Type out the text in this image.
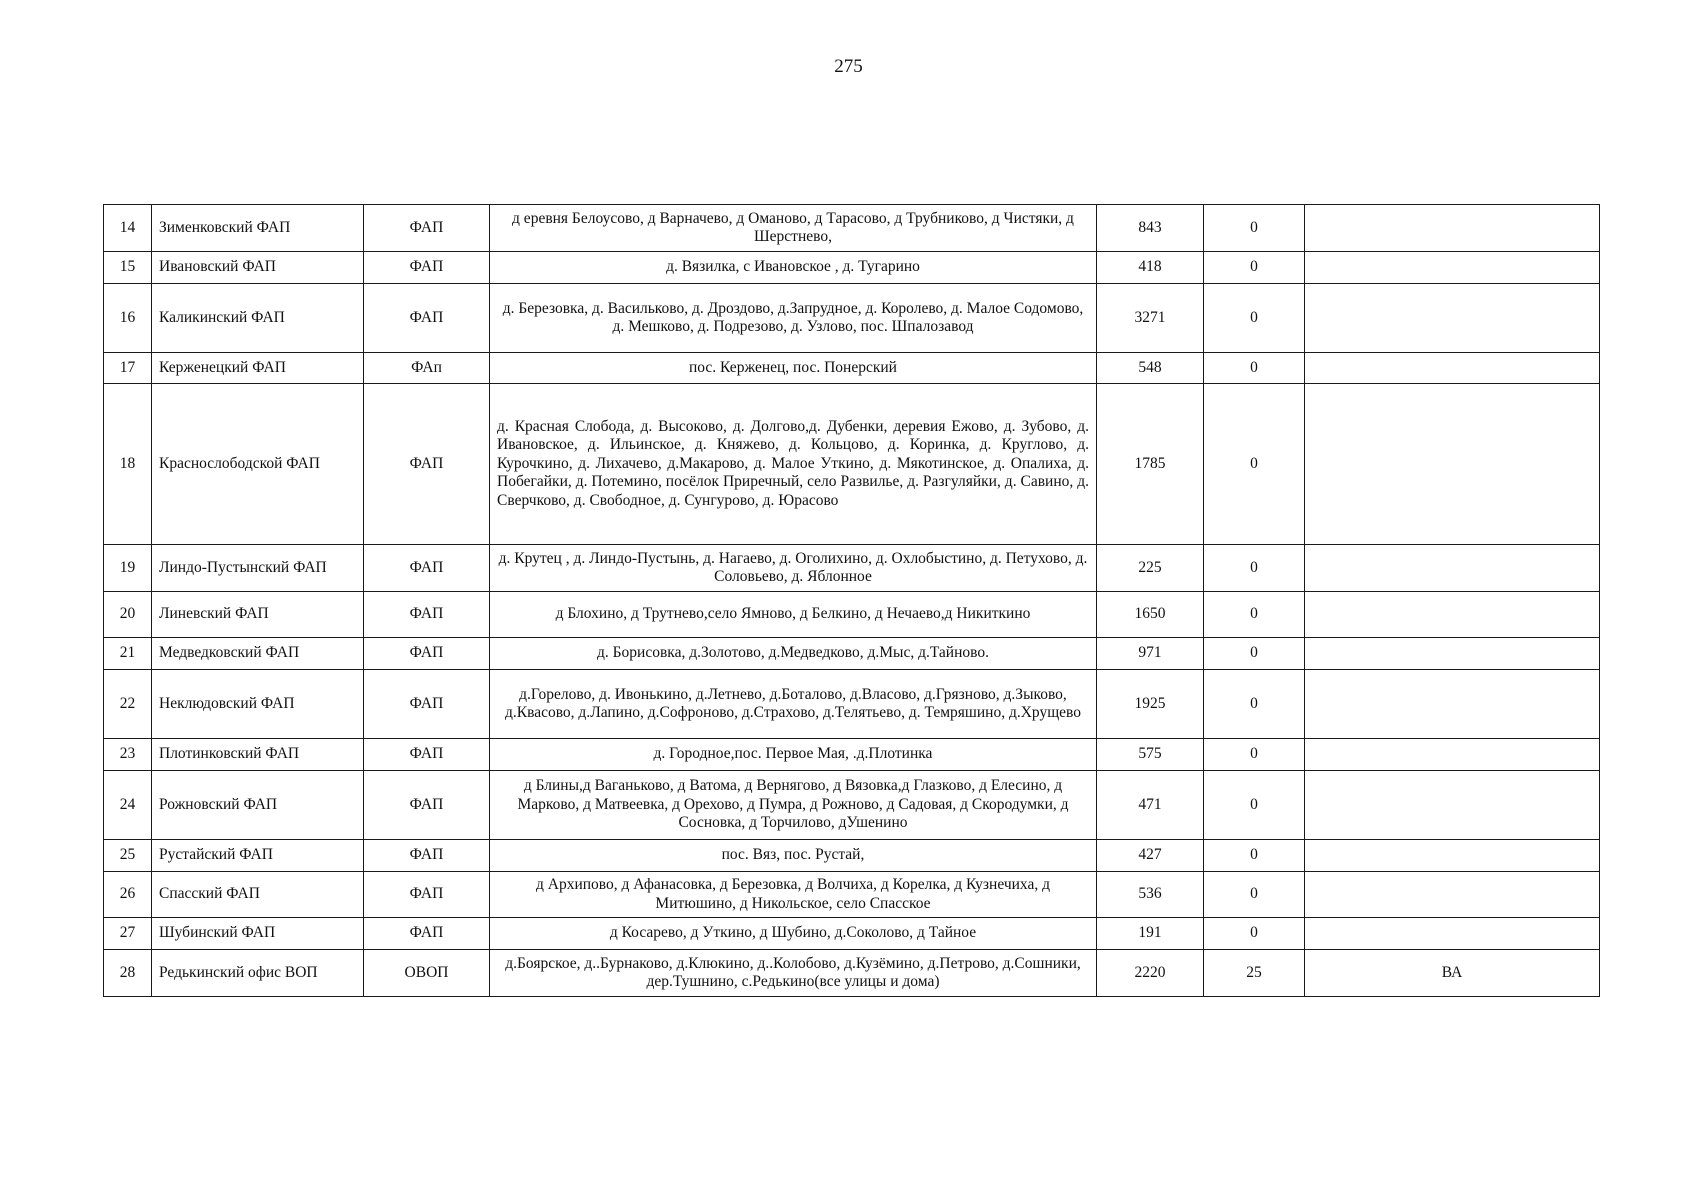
275
14	Зименковский ФАП	ФАП	д еревня Белоусово, д Варначево, д Оманово, д Тарасово, д Трубниково, д Чистяки, д Шерстнево,	843	0	
15	Ивановский ФАП	ФАП	д. Вязилка, с Ивановское , д. Тугарино	418	0	
16	Каликинский ФАП	ФАП	д. Березовка, д. Васильково, д. Дроздово, д.Запрудное, д. Королево, д. Малое Содомово, д. Мешково, д. Подрезово, д. Узлово, пос. Шпалозавод	3271	0	
17	Керженецкий ФАП	ФАп	пос. Керженец, пос. Понерский	548	0	
18	Краснослободской ФАП	ФАП	д. Красная Слобода, д. Высоково, д. Долгово,д. Дубенки, деревия Ежово, д. Зубово, д. Ивановское, д. Ильинское, д. Княжево, д. Кольцово, д. Коринка, д. Круглово, д. Курочкино, д. Лихачево, д.Макарово, д. Малое Уткино, д. Мякотинское, д. Опалиха, д. Побегайки, д. Потемино, посёлок Приречный, село Развилье, д. Разгуляйки, д. Савино, д. Сверчково, д. Свободное, д. Сунгурово, д. Юрасово	1785	0	
19	Линдо-Пустынский ФАП	ФАП	д. Крутец , д. Линдо-Пустынь, д. Нагаево, д. Оголихино, д. Охлобыстино, д. Петухово, д. Соловьево, д. Яблонное	225	0	
20	Линевский ФАП	ФАП	д Блохино, д Трутнево,село Ямново, д Белкино, д Нечаево,д Никиткино	1650	0	
21	Медведковский ФАП	ФАП	д. Борисовка, д.Золотово, д.Медведково, д.Мыс, д.Тайново.	971	0	
22	Неклюдовский ФАП	ФАП	д.Горелово, д. Ивонькино, д.Летнево, д.Боталово, д.Власово, д.Грязново, д.Зыково, д.Квасово, д.Лапино, д.Софроново, д.Страхово, д.Телятьево, д. Темряшино, д.Хрущево	1925	0	
23	Плотинковский ФАП	ФАП	д. Городное,пос. Первое Мая, .д.Плотинка	575	0	
24	Рожновский ФАП	ФАП	д Блины,д Ваганьково, д Ватома, д Вернягово, д Вязовка,д Глазково, д Елесино, д Марково, д Матвеевка, д Орехово, д Пумра, д Рожново, д Садовая, д Скородумки, д Сосновка, д Торчилово, дУшенино	471	0	
25	Рустайский ФАП	ФАП	пос. Вяз, пос. Рустай,	427	0	
26	Спасский ФАП	ФАП	д Архипово, д Афанасовка, д Березовка, д Волчиха, д Корелка, д Кузнечиха, д Митюшино, д Никольское, село Спасское	536	0	
27	Шубинский ФАП	ФАП	д Косарево, д Уткино, д Шубино, д.Соколово, д Тайное	191	0	
28	Редькинский офис ВОП	ОВОП	д.Боярское, д..Бурнаково, д.Клюкино, д..Колобово, д.Кузёмино, д.Петрово, д.Сошники, дер.Тушнино, с.Редькино(все улицы и дома)	2220	25	ВА
